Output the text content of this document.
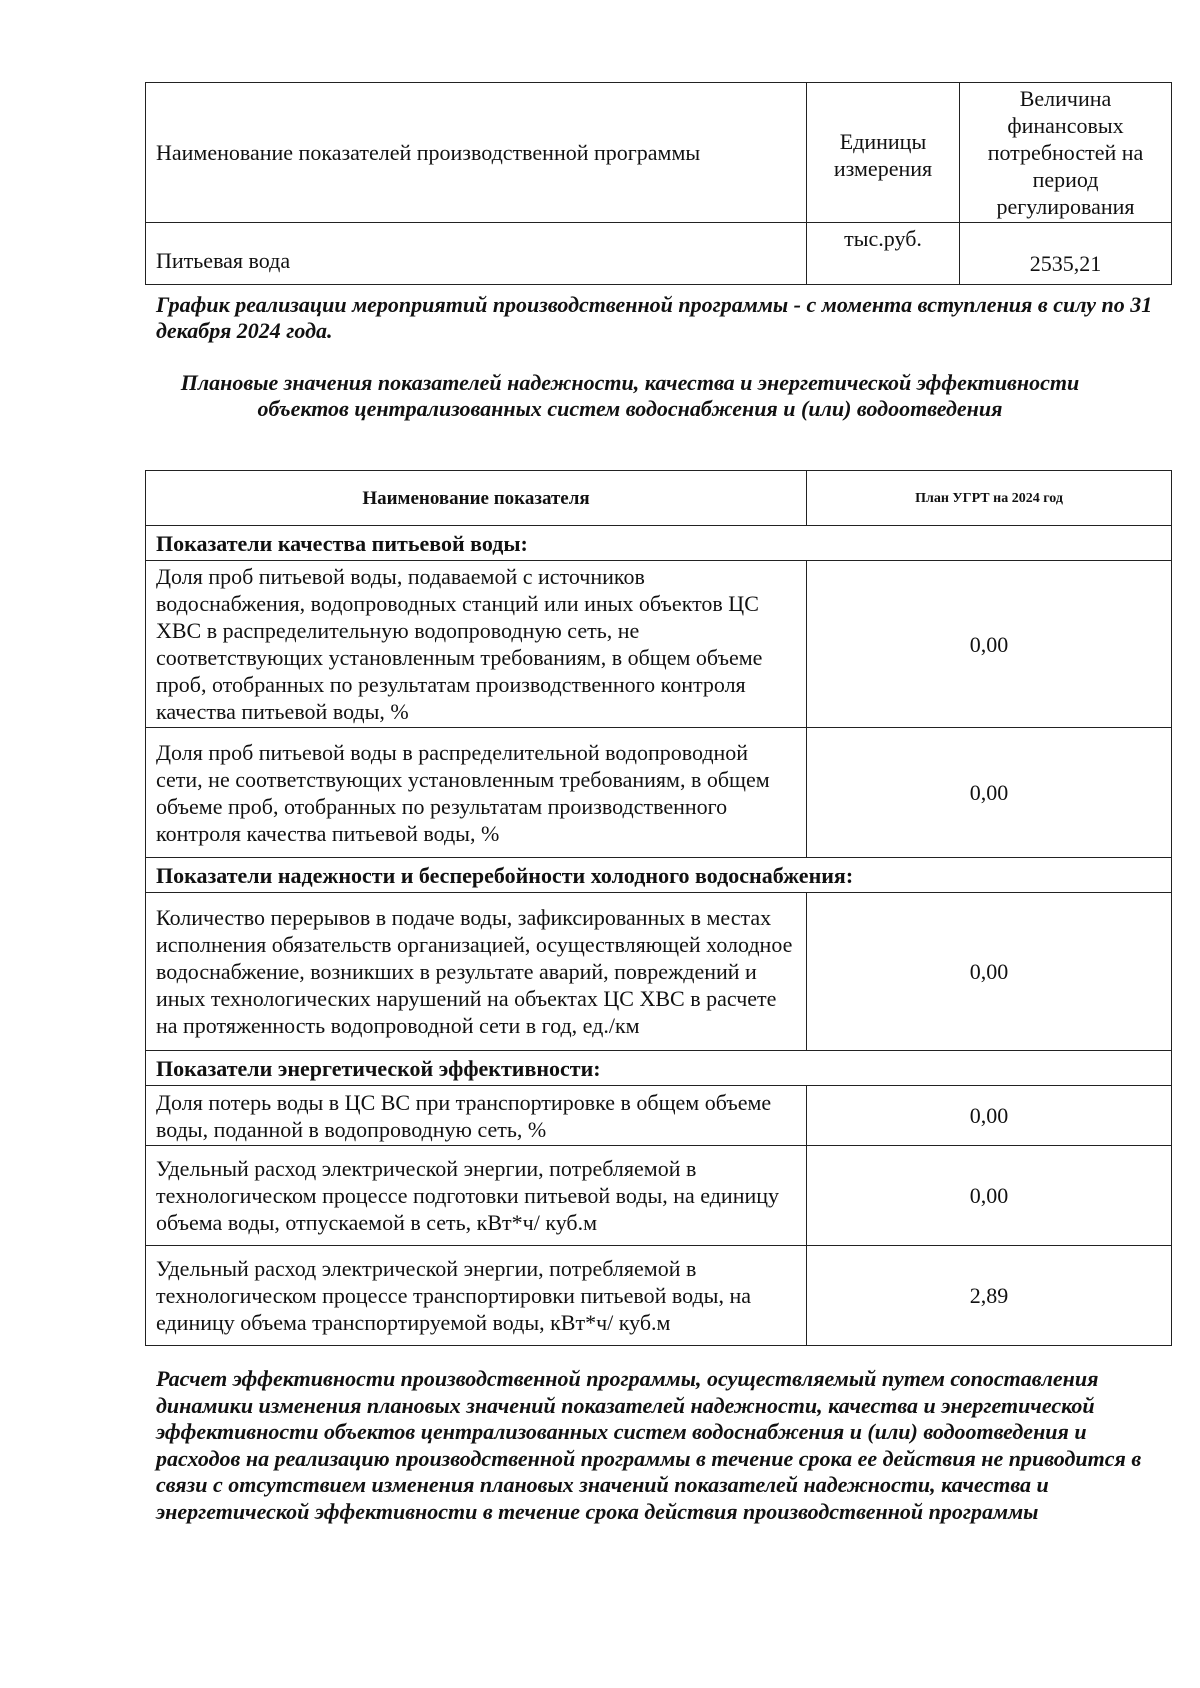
Наименование показателей производственной программы	Единицы измерения	Величина финансовых потребностей на период регулирования
Питьевая вода	тыс.руб.	2535,21

График реализации мероприятий производственной программы - с момента вступления в силу по 31 декабря 2024 года.

Плановые значения показателей надежности, качества и энергетической эффективности объектов централизованных систем водоснабжения и (или) водоотведения

Наименование показателя	План УГРТ на 2024 год
Показатели качества питьевой воды:	
Доля проб питьевой воды, подаваемой с источников водоснабжения, водопроводных станций или иных объектов ЦС ХВС в распределительную водопроводную сеть, не соответствующих установленным требованиям, в общем объеме проб, отобранных по результатам производственного контроля качества питьевой воды, %	0,00
Доля проб питьевой воды в распределительной водопроводной сети, не соответствующих установленным требованиям, в общем объеме проб, отобранных по результатам производственного контроля качества питьевой воды, %	0,00
Показатели надежности и бесперебойности холодного водоснабжения:	
Количество перерывов в подаче воды, зафиксированных в местах исполнения обязательств организацией, осуществляющей холодное водоснабжение, возникших в результате аварий, повреждений и иных технологических нарушений на объектах ЦС ХВС в расчете на протяженность водопроводной сети в год, ед./км	0,00
Показатели энергетической эффективности:	
Доля потерь воды в ЦС ВС при транспортировке в общем объеме воды, поданной в водопроводную сеть, %	0,00
Удельный расход электрической энергии, потребляемой в технологическом процессе подготовки питьевой воды, на единицу объема воды, отпускаемой в сеть, кВт*ч/ куб.м	0,00
Удельный расход электрической энергии, потребляемой в технологическом процессе транспортировки питьевой воды, на единицу объема транспортируемой воды, кВт*ч/ куб.м	2,89

Расчет эффективности производственной программы, осуществляемый путем сопоставления динамики изменения плановых значений показателей надежности, качества и энергетической эффективности объектов централизованных систем водоснабжения и (или) водоотведения и расходов на реализацию производственной программы в течение срока ее действия не приводится в связи с отсутствием изменения плановых значений показателей надежности, качества и энергетической эффективности в течение срока действия производственной программы
